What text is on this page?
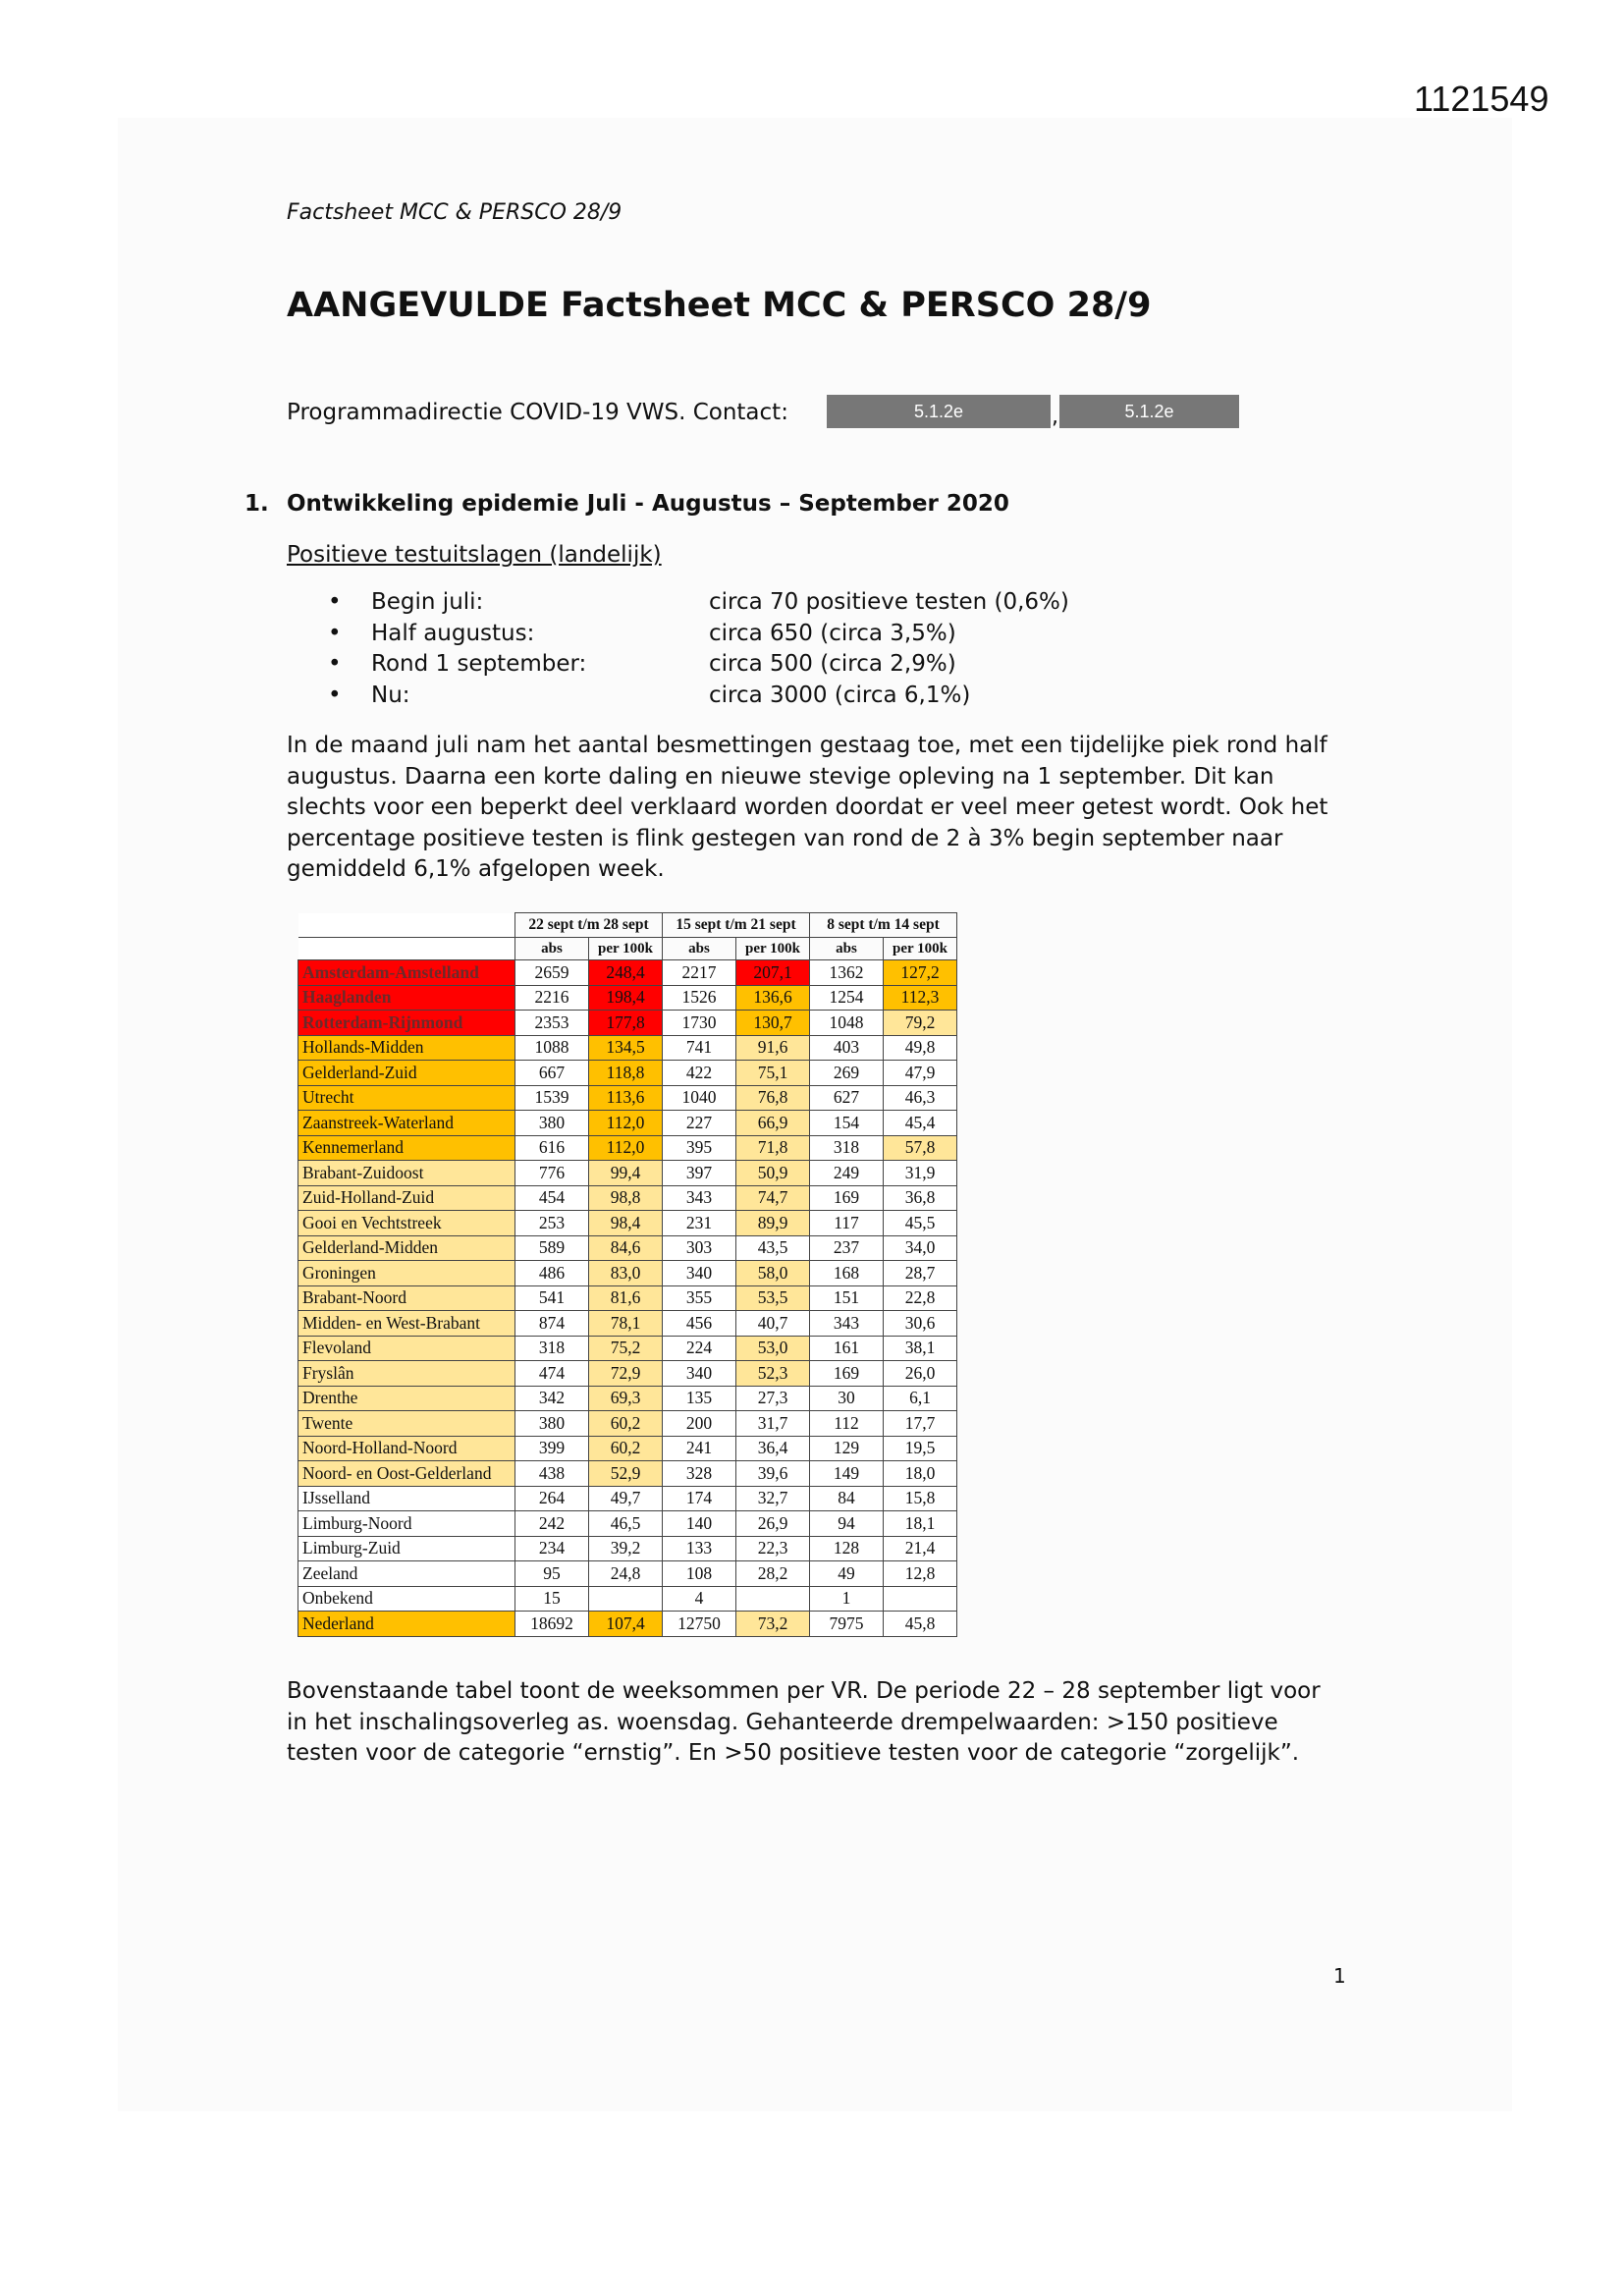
1121549
Factsheet MCC & PERSCO 28/9
AANGEVULDE Factsheet MCC & PERSCO 28/9
Programmadirectie COVID-19 VWS. Contact:	5.1.2e	,	5.1.2e
1. Ontwikkeling epidemie Juli - Augustus – September 2020
Positieve testuitslagen (landelijk)
• Begin juli:	circa 70 positieve testen (0,6%)
• Half augustus:	circa 650 (circa 3,5%)
• Rond 1 september:	circa 500 (circa 2,9%)
• Nu:	circa 3000 (circa 6,1%)

In de maand juli nam het aantal besmettingen gestaag toe, met een tijdelijke piek rond half augustus. Daarna een korte daling en nieuwe stevige opleving na 1 september. Dit kan slechts voor een beperkt deel verklaard worden doordat er veel meer getest wordt. Ook het percentage positieve testen is flink gestegen van rond de 2 à 3% begin september naar gemiddeld 6,1% afgelopen week.

	22 sept t/m 28 sept		15 sept t/m 21 sept		8 sept t/m 14 sept	
	abs	per 100k	abs	per 100k	abs	per 100k
Amsterdam-Amstelland	2659	248,4	2217	207,1	1362	127,2
Haaglanden	2216	198,4	1526	136,6	1254	112,3
Rotterdam-Rijnmond	2353	177,8	1730	130,7	1048	79,2
Hollands-Midden	1088	134,5	741	91,6	403	49,8
Gelderland-Zuid	667	118,8	422	75,1	269	47,9
Utrecht	1539	113,6	1040	76,8	627	46,3
Zaanstreek-Waterland	380	112,0	227	66,9	154	45,4
Kennemerland	616	112,0	395	71,8	318	57,8
Brabant-Zuidoost	776	99,4	397	50,9	249	31,9
Zuid-Holland-Zuid	454	98,8	343	74,7	169	36,8
Gooi en Vechtstreek	253	98,4	231	89,9	117	45,5
Gelderland-Midden	589	84,6	303	43,5	237	34,0
Groningen	486	83,0	340	58,0	168	28,7
Brabant-Noord	541	81,6	355	53,5	151	22,8
Midden- en West-Brabant	874	78,1	456	40,7	343	30,6
Flevoland	318	75,2	224	53,0	161	38,1
Fryslân	474	72,9	340	52,3	169	26,0
Drenthe	342	69,3	135	27,3	30	6,1
Twente	380	60,2	200	31,7	112	17,7
Noord-Holland-Noord	399	60,2	241	36,4	129	19,5
Noord- en Oost-Gelderland	438	52,9	328	39,6	149	18,0
IJsselland	264	49,7	174	32,7	84	15,8
Limburg-Noord	242	46,5	140	26,9	94	18,1
Limburg-Zuid	234	39,2	133	22,3	128	21,4
Zeeland	95	24,8	108	28,2	49	12,8
Onbekend	15		4		1	
Nederland	18692	107,4	12750	73,2	7975	45,8

Bovenstaande tabel toont de weeksommen per VR. De periode 22 – 28 september ligt voor in het inschalingsoverleg as. woensdag. Gehanteerde drempelwaarden: >150 positieve testen voor de categorie “ernstig”. En >50 positieve testen voor de categorie “zorgelijk”.

1
